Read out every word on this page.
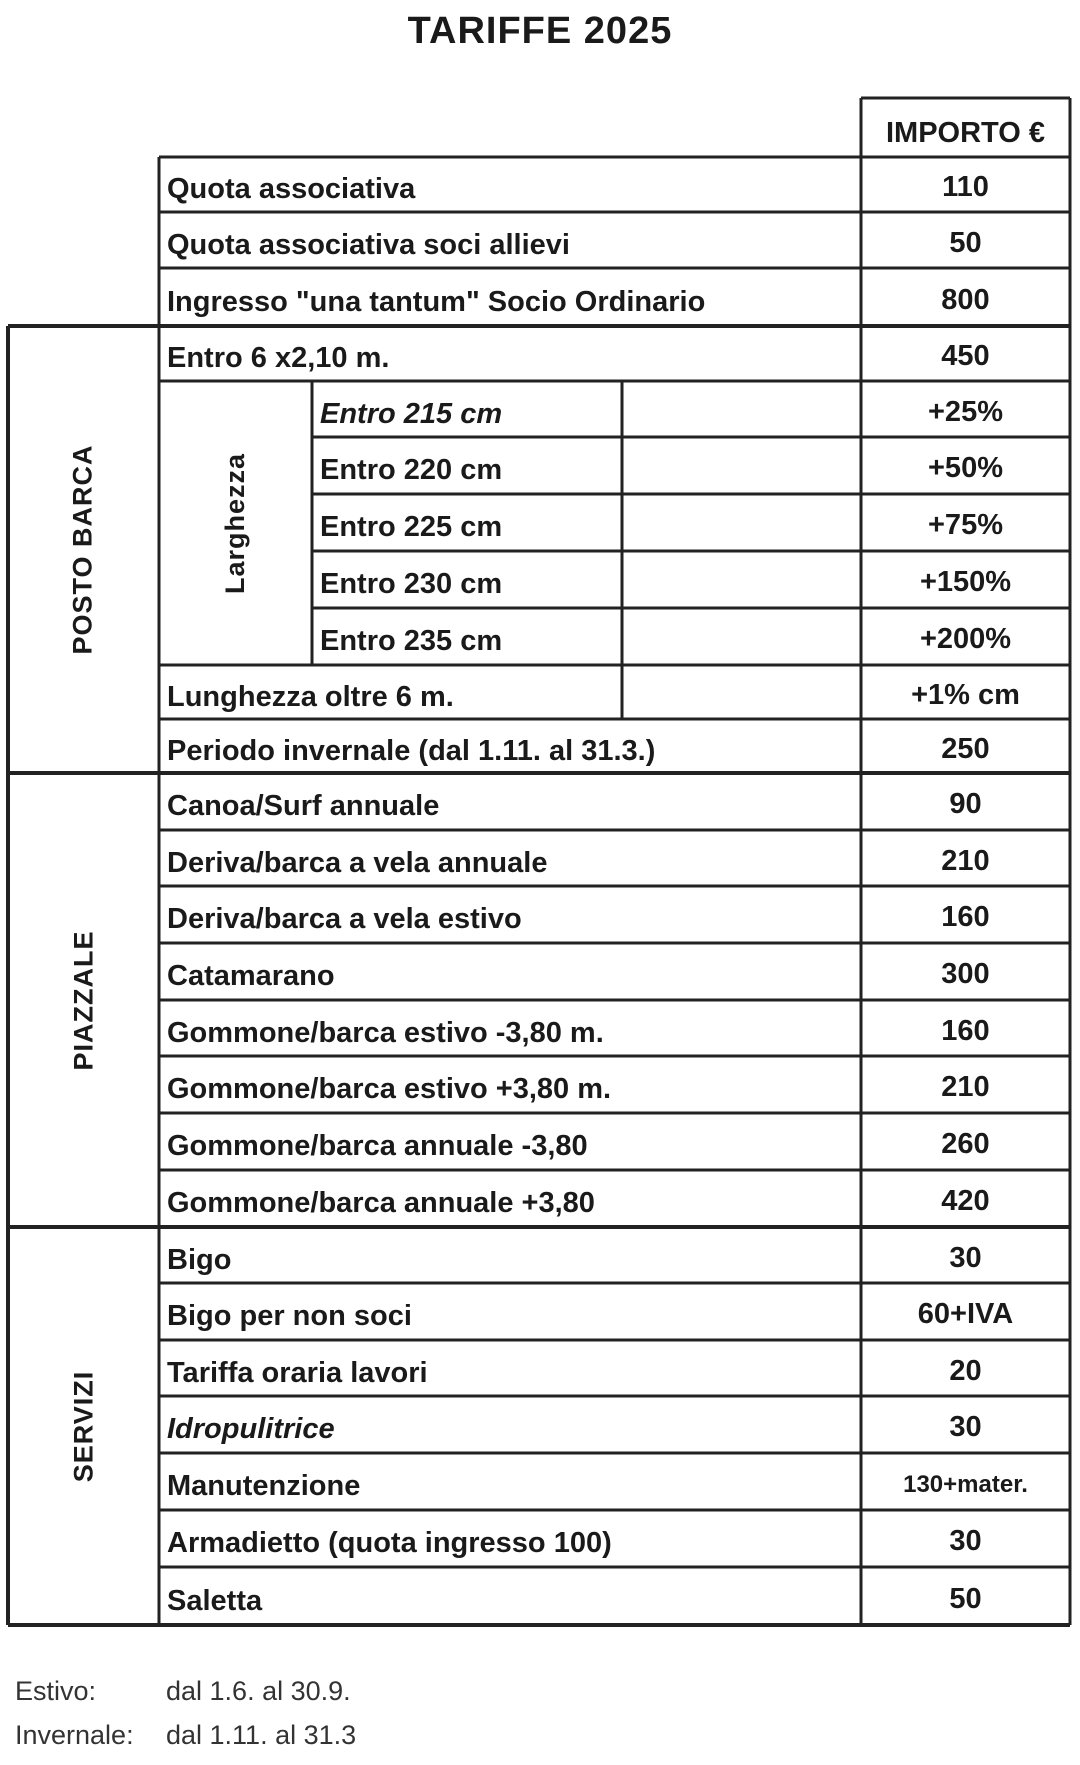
TARIFFE 2025
IMPORTO €
Quota associativa	110
Quota associativa soci allievi	50
Ingresso "una tantum" Socio Ordinario	800
POSTO BARCA
Entro 6 x2,10 m.	450
Larghezza
Entro 215 cm	+25%
Entro 220 cm	+50%
Entro 225 cm	+75%
Entro 230 cm	+150%
Entro 235 cm	+200%
Lunghezza oltre 6 m.	+1% cm
Periodo invernale (dal 1.11. al 31.3.)	250
PIAZZALE
Canoa/Surf annuale	90
Deriva/barca a vela annuale	210
Deriva/barca a vela estivo	160
Catamarano	300
Gommone/barca estivo -3,80 m.	160
Gommone/barca estivo +3,80 m.	210
Gommone/barca annuale -3,80	260
Gommone/barca annuale +3,80	420
SERVIZI
Bigo	30
Bigo per non soci	60+IVA
Tariffa oraria lavori	20
Idropulitrice	30
Manutenzione	130+mater.
Armadietto (quota ingresso 100)	30
Saletta	50
Estivo:	dal 1.6. al 30.9.
Invernale: dal 1.11. al 31.3
